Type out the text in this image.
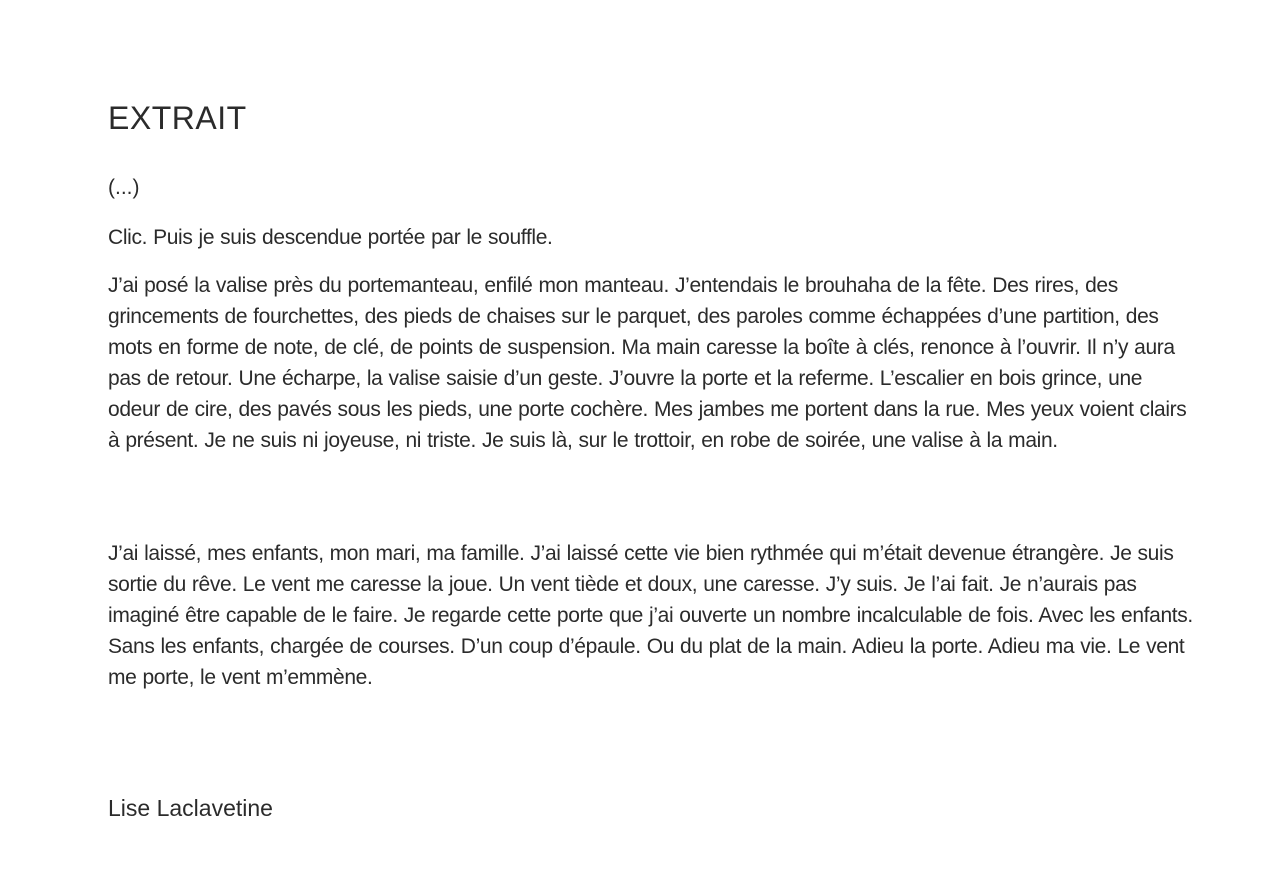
EXTRAIT

(...)

Clic. Puis je suis descendue portée par le souffle.

J’ai posé la valise près du portemanteau, enfilé mon manteau. J’entendais le brouhaha de la fête. Des rires, des grincements de fourchettes, des pieds de chaises sur le parquet, des paroles comme échappées d’une partition, des mots en forme de note, de clé, de points de suspension. Ma main caresse la boîte à clés, renonce à l’ouvrir. Il n’y aura pas de retour. Une écharpe, la valise saisie d’un geste. J’ouvre la porte et la referme. L’escalier en bois grince, une odeur de cire, des pavés sous les pieds, une porte cochère. Mes jambes me portent dans la rue. Mes yeux voient clairs à présent. Je ne suis ni joyeuse, ni triste. Je suis là, sur le trottoir, en robe de soirée, une valise à la main.

J’ai laissé, mes enfants, mon mari, ma famille. J’ai laissé cette vie bien rythmée qui m’était devenue étrangère. Je suis sortie du rêve. Le vent me caresse la joue. Un vent tiède et doux, une caresse. J’y suis. Je l’ai fait. Je n’aurais pas imaginé être capable de le faire. Je regarde cette porte que j’ai ouverte un nombre incalculable de fois. Avec les enfants. Sans les enfants, chargée de courses. D’un coup d’épaule. Ou du plat de la main. Adieu la porte. Adieu ma vie. Le vent me porte, le vent m’emmène.

Lise Laclavetine
